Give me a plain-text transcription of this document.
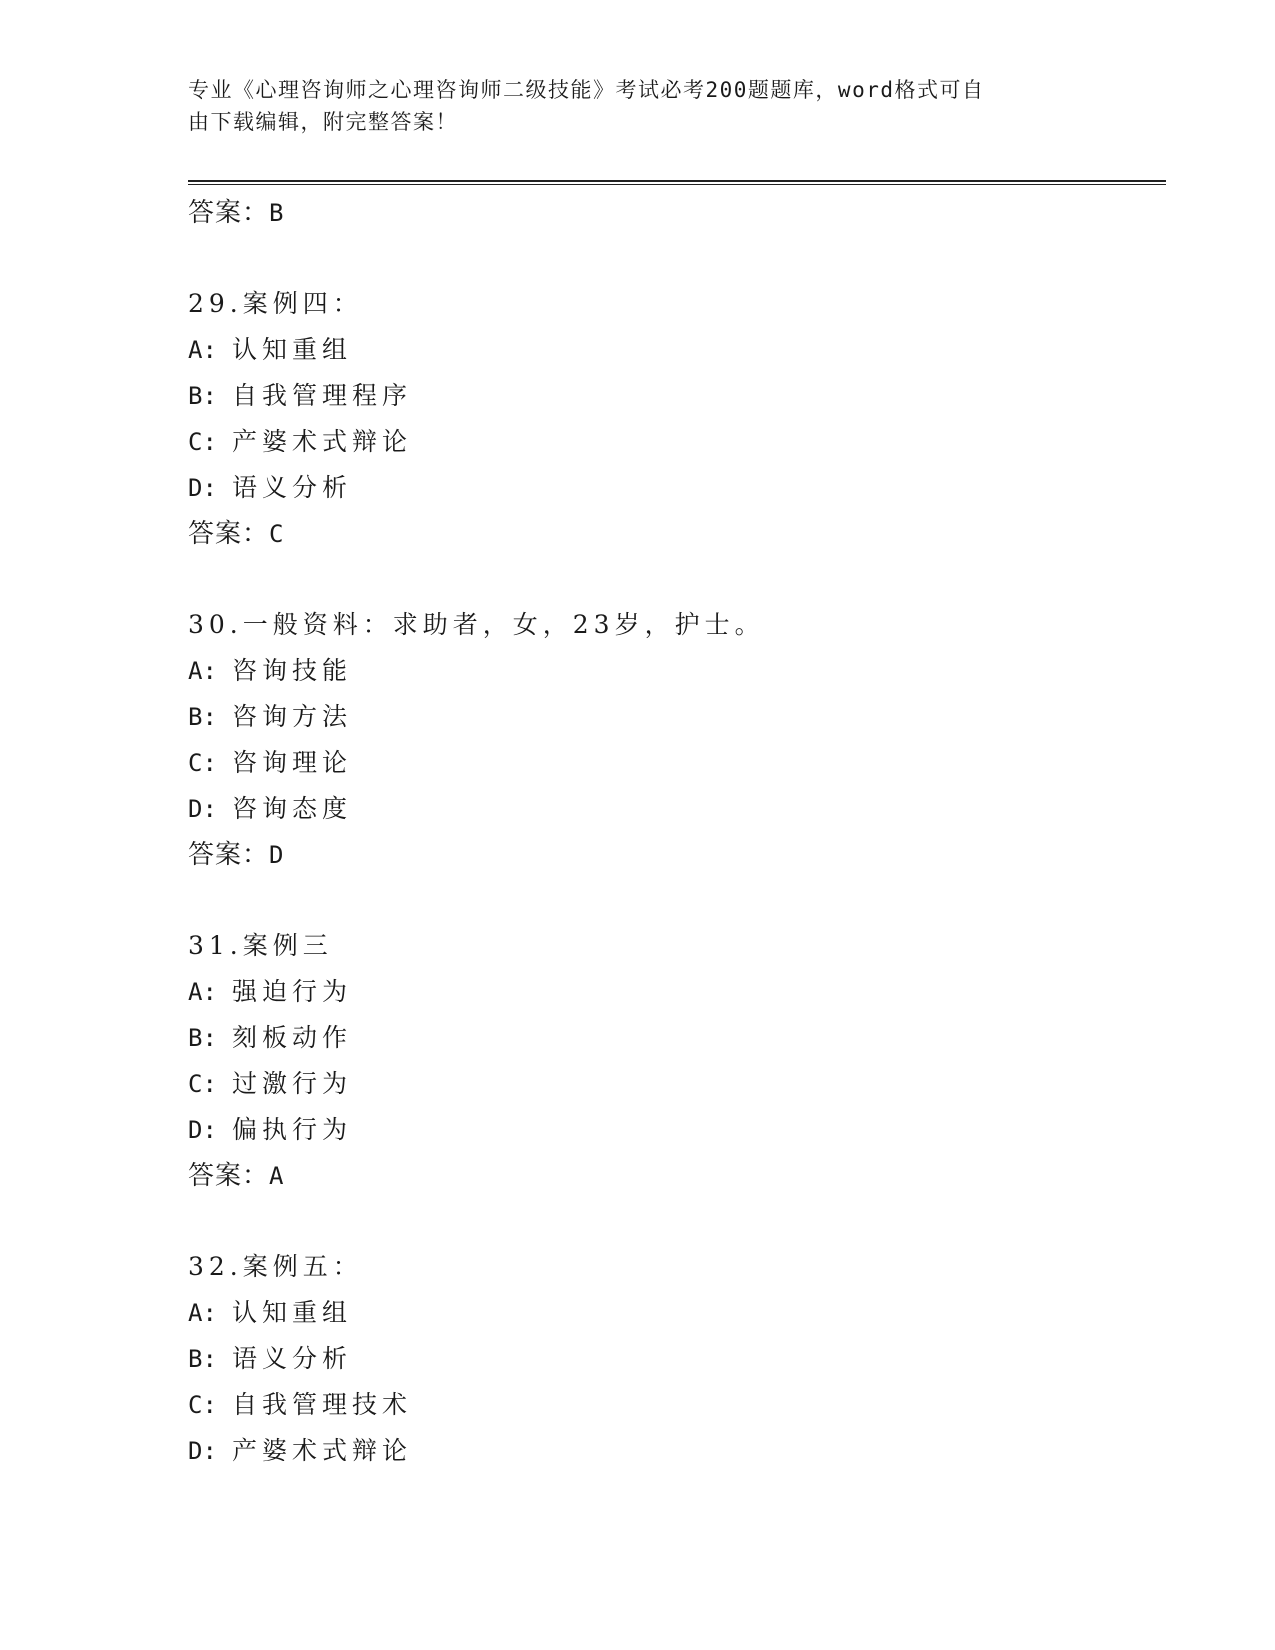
专业《心理咨询师之心理咨询师二级技能》考试必考200题题库，word格式可自
由下载编辑，附完整答案！
答案：B
29.案例四：
A: 认知重组
B: 自我管理程序
C: 产婆术式辩论
D: 语义分析
答案：C
30.一般资料：求助者，女，23岁，护士。
A: 咨询技能
B: 咨询方法
C: 咨询理论
D: 咨询态度
答案：D
31.案例三
A: 强迫行为
B: 刻板动作
C: 过激行为
D: 偏执行为
答案：A
32.案例五：
A: 认知重组
B: 语义分析
C: 自我管理技术
D: 产婆术式辩论
